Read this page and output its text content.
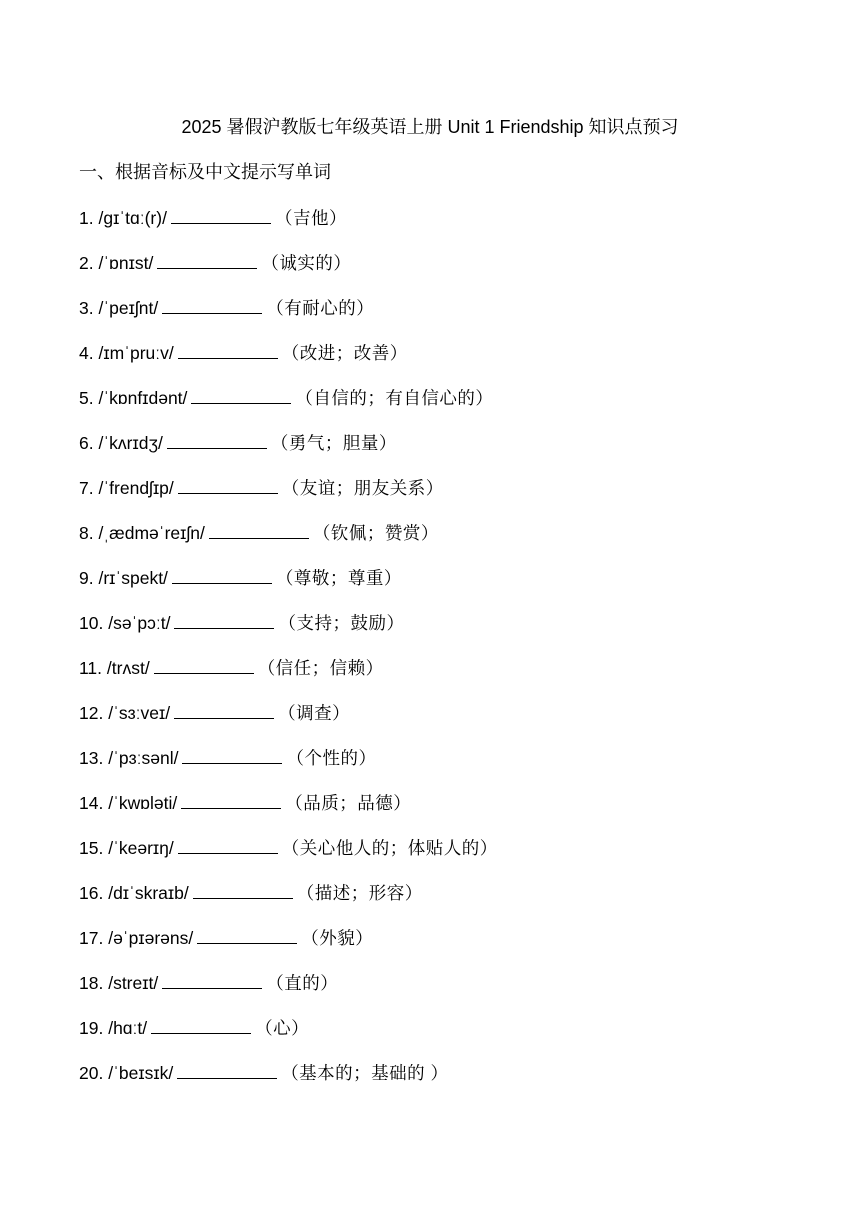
2025 暑假沪教版七年级英语上册 Unit 1 Friendship 知识点预习
一、根据音标及中文提示写单词
1. /ɡɪˈtɑː(r)/	（吉他）
2. /ˈɒnɪst/	（诚实的）
3. /ˈpeɪʃnt/	（有耐心的）
4. /ɪmˈpruːv/	（改进；改善）
5. /ˈkɒnfɪdənt/	（自信的；有自信心的）
6. /ˈkʌrɪdʒ/	（勇气；胆量）
7. /ˈfrendʃɪp/	（友谊；朋友关系）
8. /ˌædməˈreɪʃn/	（钦佩；赞赏）
9. /rɪˈspekt/	（尊敬；尊重）
10. /səˈpɔːt/	（支持；鼓励）
11. /trʌst/	（信任；信赖）
12. /ˈsɜːveɪ/	（调查）
13. /ˈpɜːsənl/	（个性的）
14. /ˈkwɒləti/	（品质；品德）
15. /ˈkeərɪŋ/	（关心他人的；体贴人的）
16. /dɪˈskraɪb/	（描述；形容）
17. /əˈpɪərəns/	（外貌）
18. /streɪt/	（直的）
19. /hɑːt/	（心）
20. /ˈbeɪsɪk/	（基本的；基础的 ）
